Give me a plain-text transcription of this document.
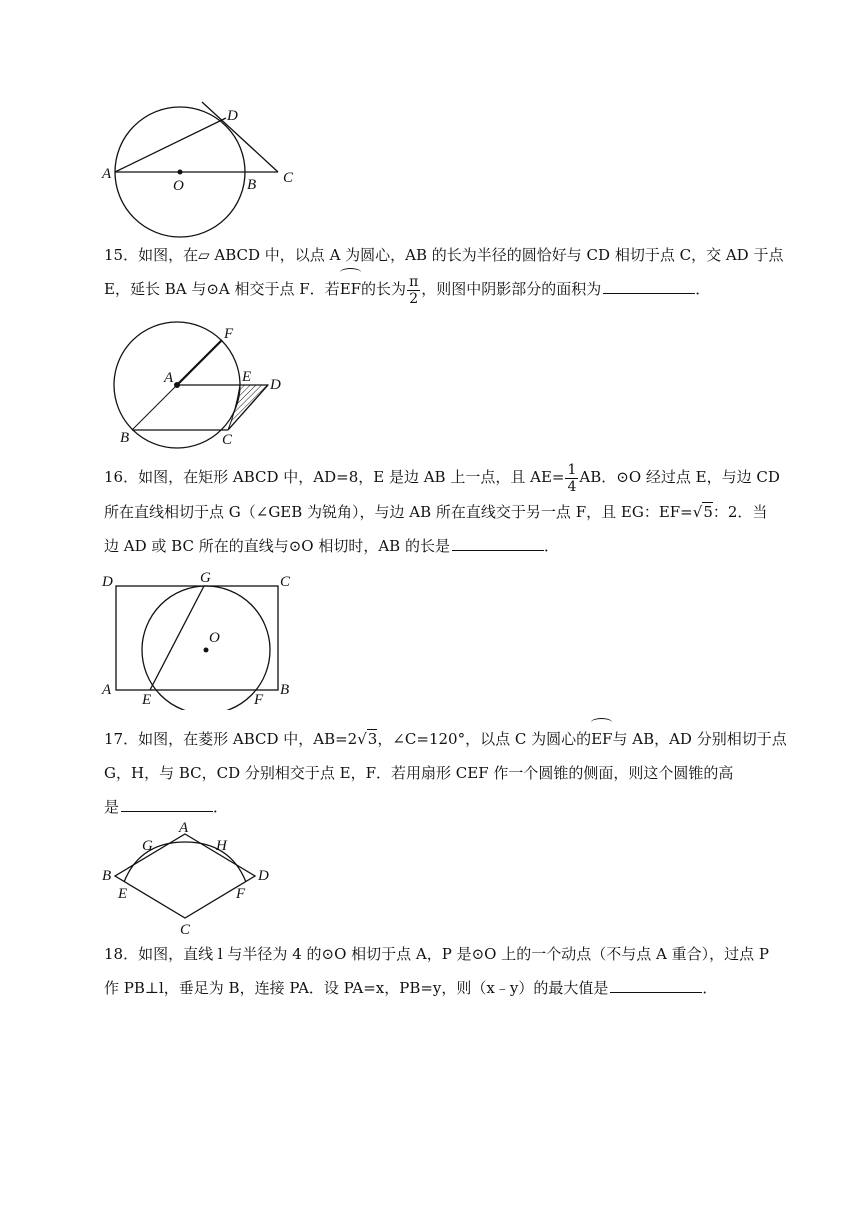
A
O	B C
D

15．如图，在▱ ABCD 中，以点 A 为圆心，AB 的长为半径的圆恰好与 CD 相切于点 C，交 AD 于点

E，延长 BA 与⊙A 相交于点 F．若EF的长为 $\frac{\pi}{2}$ ，则图中阴影部分的面积为	．

F
A	E D
B	C

16．如图，在矩形 ABCD 中，AD=8，E 是边 AB 上一点，且 $AE= \frac{1}{4}$ AB．⊙O 经过点 E，与边 CD

所在直线相切于点 G（∠GEB 为锐角），与边 AB 所在直线交于另一点 F，且 EG：EF=√5：2．当

边 AD 或 BC 所在的直线与⊙O 相切时，AB 的长是	．

D	G	C
O
A
E	F
B

17．如图，在菱形 ABCD 中，AB=2√3，∠C=120°，以点 C 为圆心的EF与 AB，AD 分别相切于点

G，H，与 BC，CD 分别相交于点 E，F．若用扇形 CEF 作一个圆锥的侧面，则这个圆锥的高

是	．

A
G	H
B	D
E	F
C

18．如图，直线 l 与半径为 4 的⊙O 相切于点 A，P 是⊙O 上的一个动点（不与点 A 重合），过点 P

作 PB⊥l，垂足为 B，连接 PA．设 PA=x，PB=y，则（x﹣y）的最大值是	．
